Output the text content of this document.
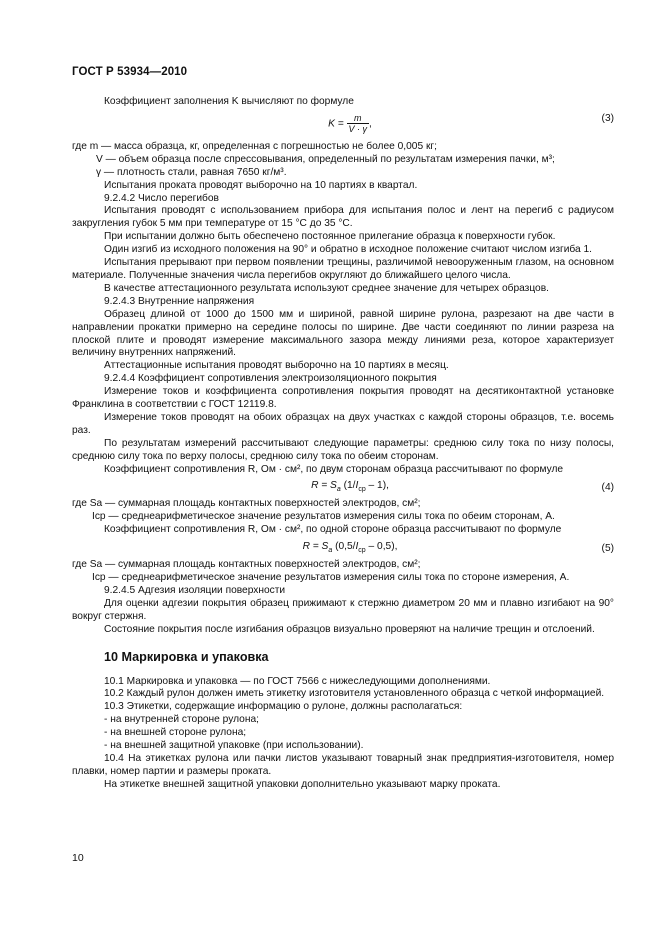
ГОСТ Р 53934—2010

Коэффициент заполнения K вычисляют по формуле

$K = \frac{m}{V \cdot \gamma}$ ,
(3)

где m — масса образца, кг, определенная с погрешностью не более 0,005 кг;

V — объем образца после спрессовывания, определенный по результатам измерения пачки, м³;

γ — плотность стали, равная 7650 кг/м³.

Испытания проката проводят выборочно на 10 партиях в квартал.

9.2.4.2 Число перегибов

Испытания проводят с использованием прибора для испытания полос и лент на перегиб с радиусом закругления губок 5 мм при температуре от 15 °С до 35 °С.

При испытании должно быть обеспечено постоянное прилегание образца к поверхности губок.

Один изгиб из исходного положения на 90° и обратно в исходное положение считают числом изгиба 1.

Испытания прерывают при первом появлении трещины, различимой невооруженным глазом, на основном материале. Полученные значения числа перегибов округляют до ближайшего целого числа.

В качестве аттестационного результата используют среднее значение для четырех образцов.

9.2.4.3 Внутренние напряжения

Образец длиной от 1000 до 1500 мм и шириной, равной ширине рулона, разрезают на две части в направлении прокатки примерно на середине полосы по ширине. Две части соединяют по линии разреза на плоской плите и проводят измерение максимального зазора между линиями реза, которое характеризует величину внутренних напряжений.

Аттестационные испытания проводят выборочно на 10 партиях в месяц.

9.2.4.4 Коэффициент сопротивления электроизоляционного покрытия

Измерение токов и коэффициента сопротивления покрытия проводят на десятиконтактной установке Франклина в соответствии с ГОСТ 12119.8.

Измерение токов проводят на обоих образцах на двух участках с каждой стороны образцов, т.е. восемь раз.

По результатам измерений рассчитывают следующие параметры: среднюю силу тока по низу полосы, среднюю силу тока по верху полосы, среднюю силу тока по обеим сторонам.

Коэффициент сопротивления R, Ом · см², по двум сторонам образца рассчитывают по формуле

$R = S_a$ $(1/I_{ср} - 1)$,	(4)

где Sa — суммарная площадь контактных поверхностей электродов, см²;

Iср — среднеарифметическое значение результатов измерения силы тока по обеим сторонам, А.

Коэффициент сопротивления R, Ом · см², по одной стороне образца рассчитывают по формуле

$R = S_a$ $(0,5/I_{ср} - 0,5)$,	(5)

где Sa — суммарная площадь контактных поверхностей электродов, см²;

Iср — среднеарифметическое значение результатов измерения силы тока по стороне измерения, А.

9.2.4.5 Адгезия изоляции поверхности

Для оценки адгезии покрытия образец прижимают к стержню диаметром 20 мм и плавно изгибают на 90° вокруг стержня.

Состояние покрытия после изгибания образцов визуально проверяют на наличие трещин и отслоений.

10 Маркировка и упаковка

10.1 Маркировка и упаковка — по ГОСТ 7566 с нижеследующими дополнениями.

10.2 Каждый рулон должен иметь этикетку изготовителя установленного образца с четкой информацией.

10.3 Этикетки, содержащие информацию о рулоне, должны располагаться:

- на внутренней стороне рулона;

- на внешней стороне рулона;

- на внешней защитной упаковке (при использовании).

10.4 На этикетках рулона или пачки листов указывают товарный знак предприятия-изготовителя, номер плавки, номер партии и размеры проката.

На этикетке внешней защитной упаковки дополнительно указывают марку проката.

10
